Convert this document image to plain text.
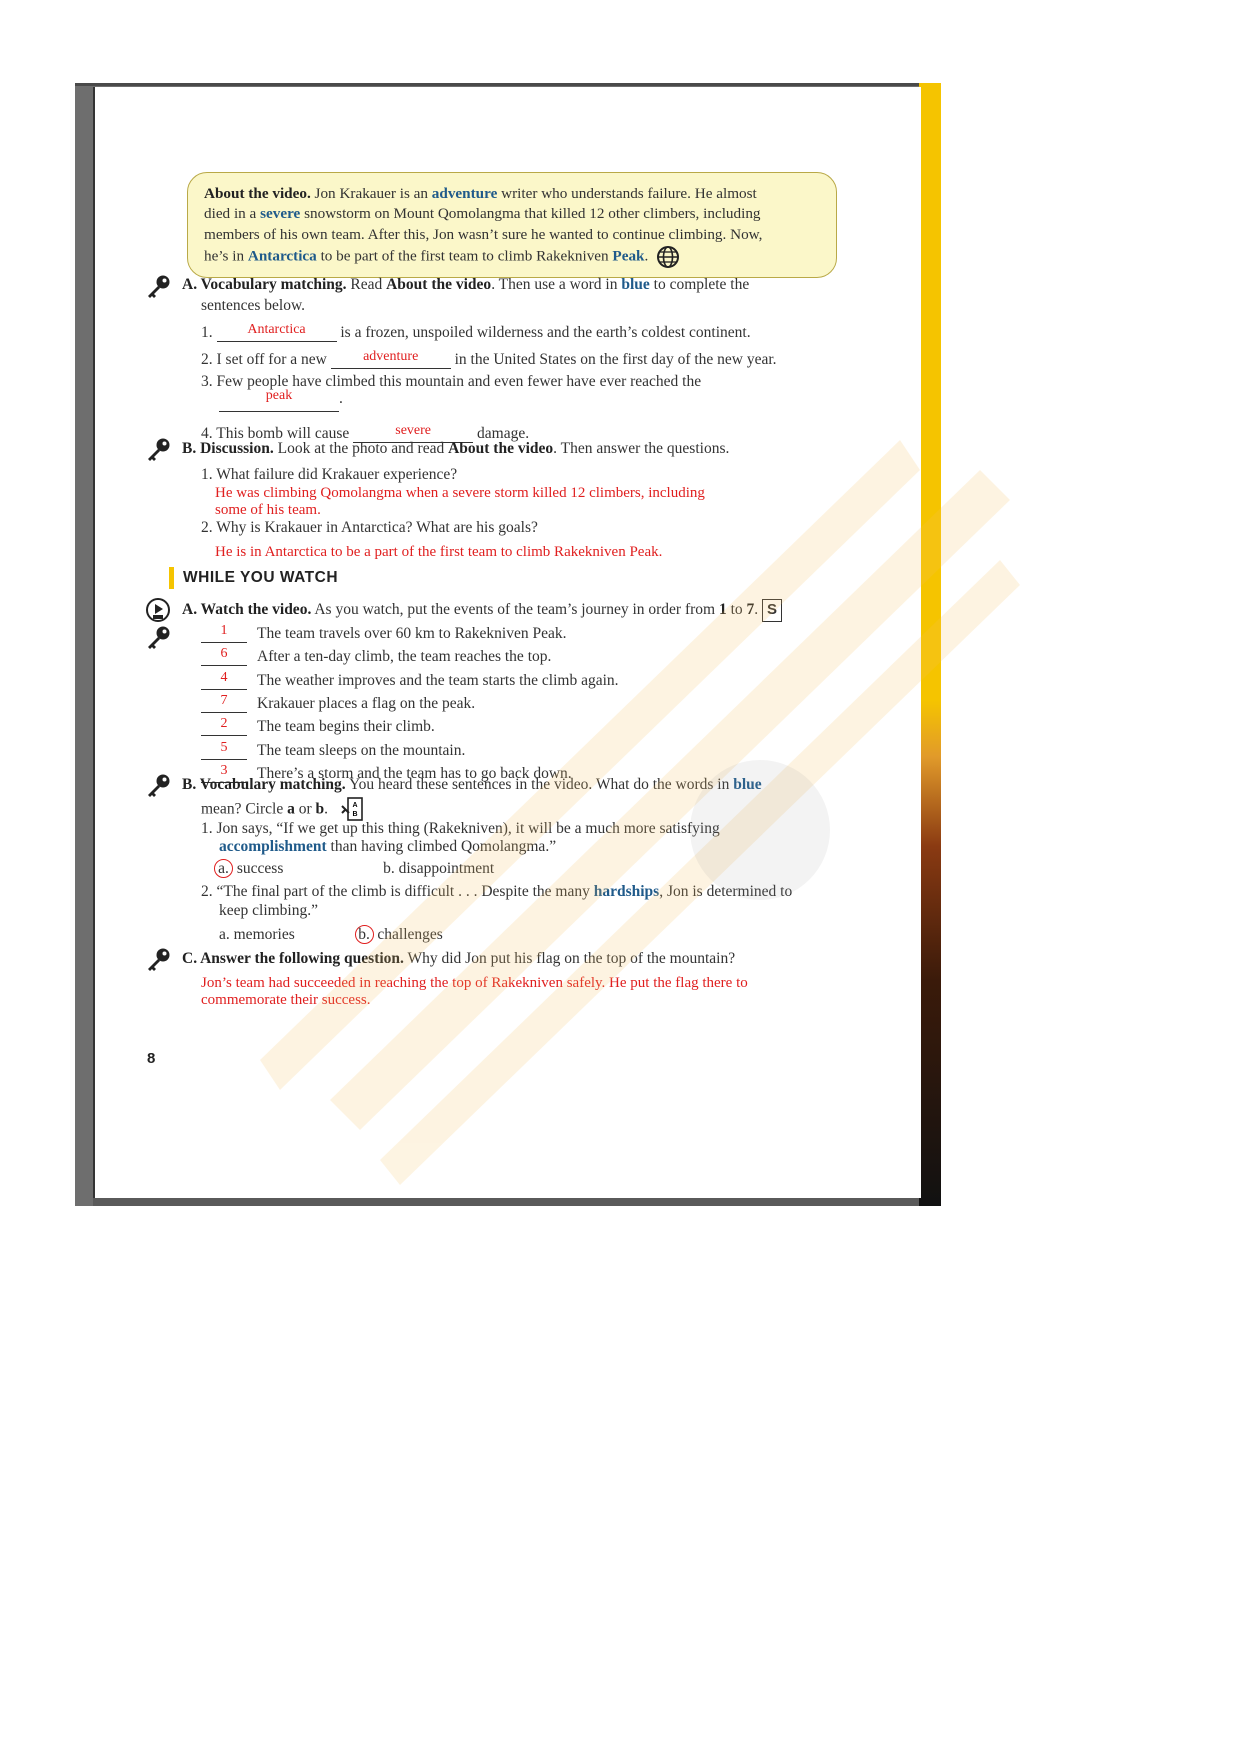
About the video. Jon Krakauer is an adventure writer who understands failure. He almost
died in a severe snowstorm on Mount Qomolangma that killed 12 other climbers, including
members of his own team. After this, Jon wasn’t sure he wanted to continue climbing. Now,
he’s in Antarctica to be part of the first team to climb Rakekniven Peak.
A. Vocabulary matching. Read About the video. Then use a word in blue to complete the
sentences below.
1. Antarctica is a frozen, unspoiled wilderness and the earth’s coldest continent.
2. I set off for a new adventure in the United States on the first day of the new year.
3. Few people have climbed this mountain and even fewer have ever reached the
peak	.
4. This bomb will cause	severe	damage.
B. Discussion. Look at the photo and read About the video. Then answer the questions.
1. What failure did Krakauer experience?
He was climbing Qomolangma when a severe storm killed 12 climbers, including
some of his team.
2. Why is Krakauer in Antarctica? What are his goals?
He is in Antarctica to be a part of the first team to climb Rakekniven Peak.
WHILE YOU WATCH
A. Watch the video. As you watch, put the events of the team’s journey in order from 1 to 7. S
1 The team travels over 60 km to Rakekniven Peak.
6 After a ten-day climb, the team reaches the top.
4 The weather improves and the team starts the climb again.
7 Krakauer places a flag on the peak.
2 The team begins their climb.
5 The team sleeps on the mountain.
3 There’s a storm and the team has to go back down.
B. Vocabulary matching. You heard these sentences in the video. What do the words in blue
mean? Circle a or b.	A
B
1. Jon says, “If we get up this thing (Rakekniven), it will be a much more satisfying
accomplishment than having climbed Qomolangma.”
a. success	b. disappointment
2. “The final part of the climb is difficult . . . Despite the many hardships, Jon is determined to
keep climbing.”
a. memories	b. challenges
C. Answer the following question. Why did Jon put his flag on the top of the mountain?
Jon’s team had succeeded in reaching the top of Rakekniven safely. He put the flag there to
commemorate their success.
8
